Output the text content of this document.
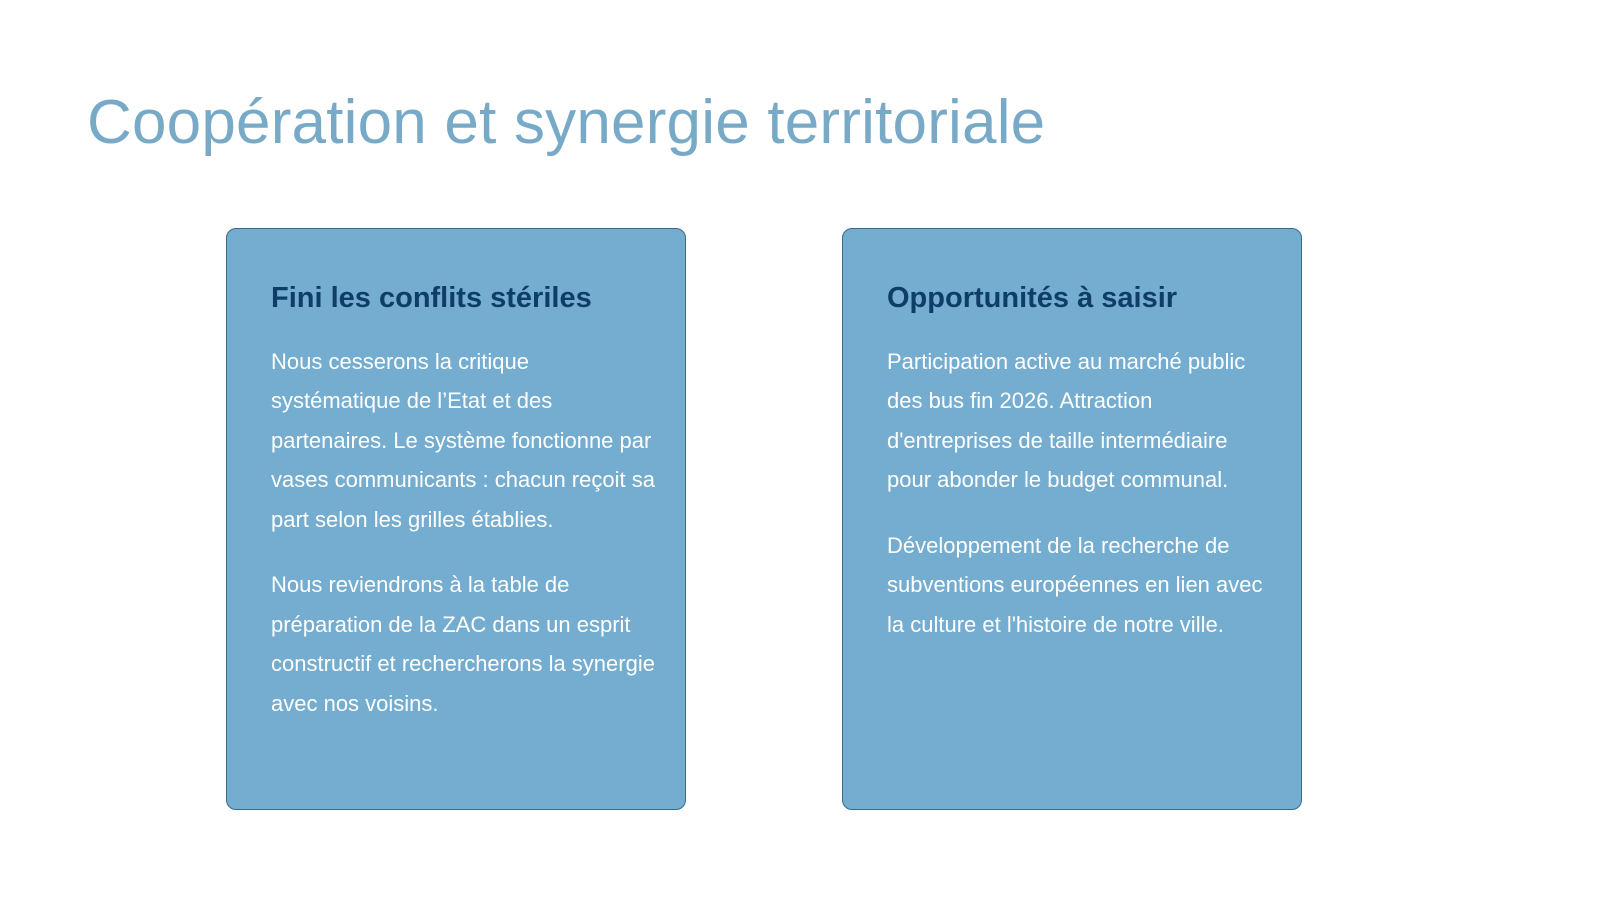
Coopération et synergie territoriale
Fini les conflits stériles

Nous cesserons la critique systématique de l’Etat et des partenaires. Le système fonctionne par vases communicants : chacun reçoit sa part selon les grilles établies.

Nous reviendrons à la table de préparation de la ZAC dans un esprit constructif et rechercherons la synergie avec nos voisins.

Opportunités à saisir

Participation active au marché public des bus fin 2026. Attraction d'entreprises de taille intermédiaire pour abonder le budget communal.

Développement de la recherche de subventions européennes en lien avec la culture et l'histoire de notre ville.
